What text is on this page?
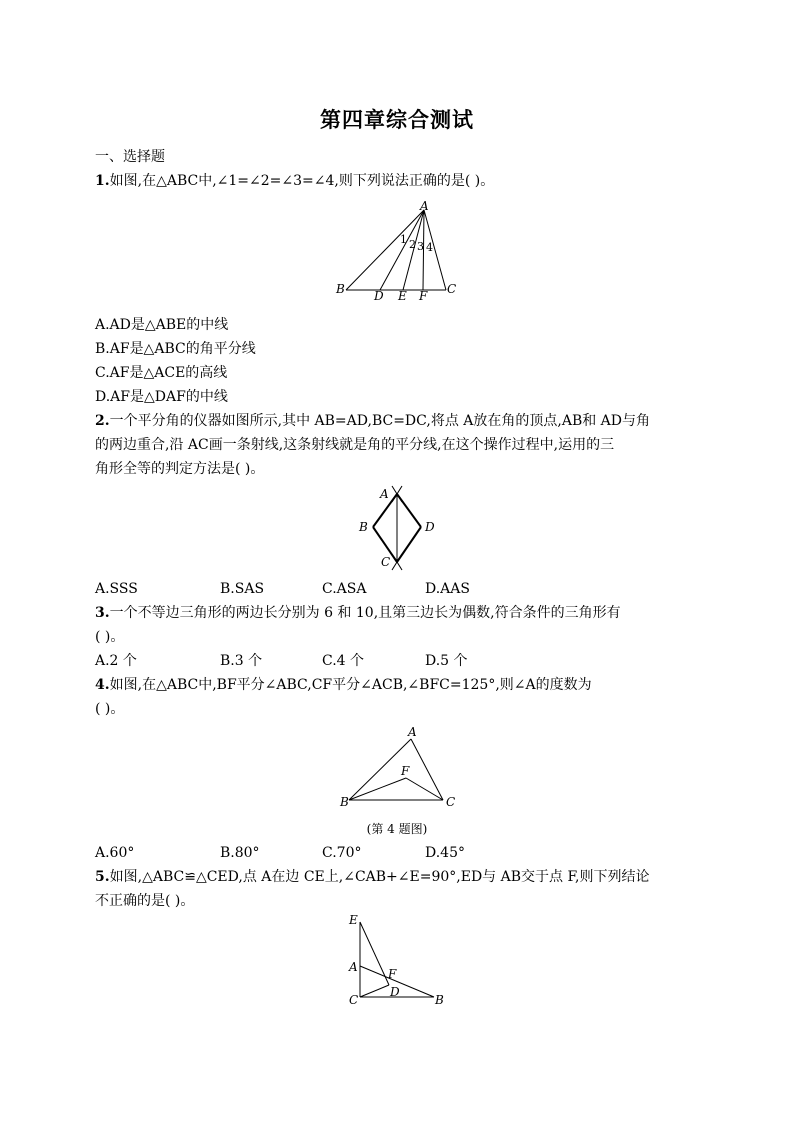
第四章综合测试
一、选择题
1.如图,在△ABC中,∠1=∠2=∠3=∠4,则下列说法正确的是( )。
A
B	C
D E F
1 2 3 4
A.AD是△ABE的中线
B.AF是△ABC的角平分线
C.AF是△ACE的高线
D.AF是△DAF的中线
2.一个平分角的仪器如图所示,其中 AB=AD,BC=DC,将点 A放在角的顶点,AB和 AD与角
的两边重合,沿 AC画一条射线,这条射线就是角的平分线,在这个操作过程中,运用的三
角形全等的判定方法是( )。
A
B
C
D
A.SSS	B.SAS	C.ASA	D.AAS
3.一个不等边三角形的两边长分别为 6 和 10,且第三边长为偶数,符合条件的三角形有
( )。
A.2 个	B.3 个	C.4 个	D.5 个
4.如图,在△ABC中,BF平分∠ABC,CF平分∠ACB,∠BFC=125°,则∠A的度数为
( )。
A
B	C
F
(第 4 题图)
A.60°	B.80°	C.70°	D.45°
5.如图,△ABC≌△CED,点 A在边 CE上,∠CAB+∠E=90°,ED与 AB交于点 F,则下列结论
不正确的是( )。
E
A	F
D
C	B
